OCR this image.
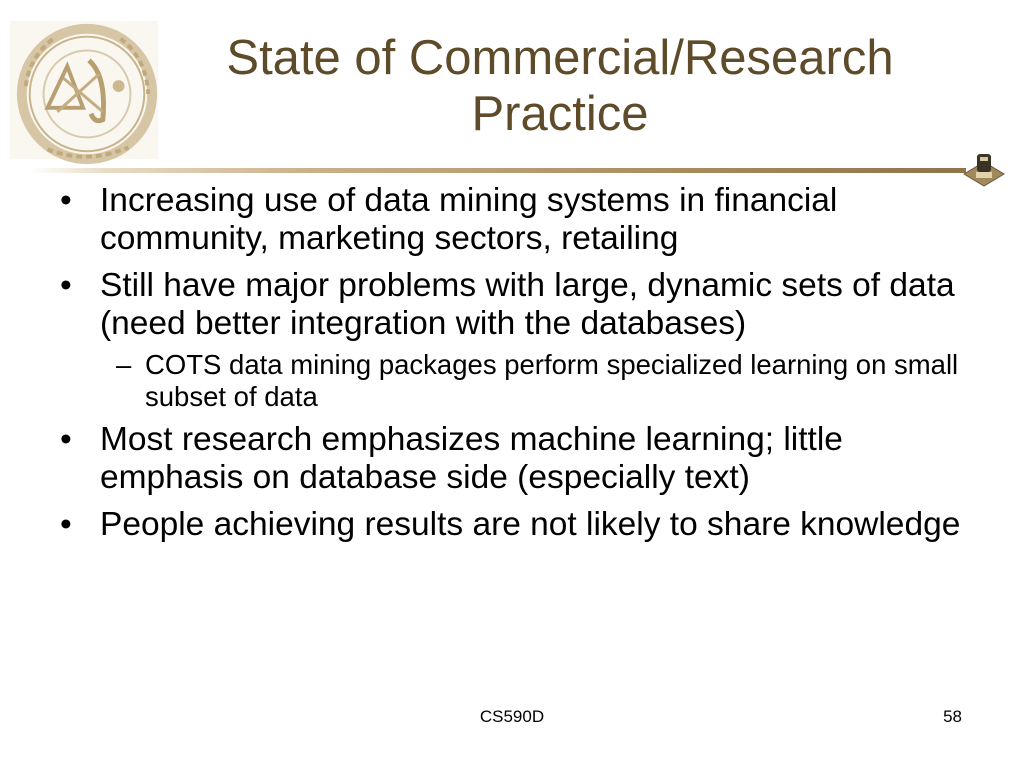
State of Commercial/Research
Practice
• Increasing use of data mining systems in financial community, marketing sectors, retailing
• Still have major problems with large, dynamic sets of data (need better integration with the databases)
– COTS data mining packages perform specialized learning on small subset of data
• Most research emphasizes machine learning; little emphasis on database side (especially text)
• People achieving results are not likely to share knowledge
CS590D	58
